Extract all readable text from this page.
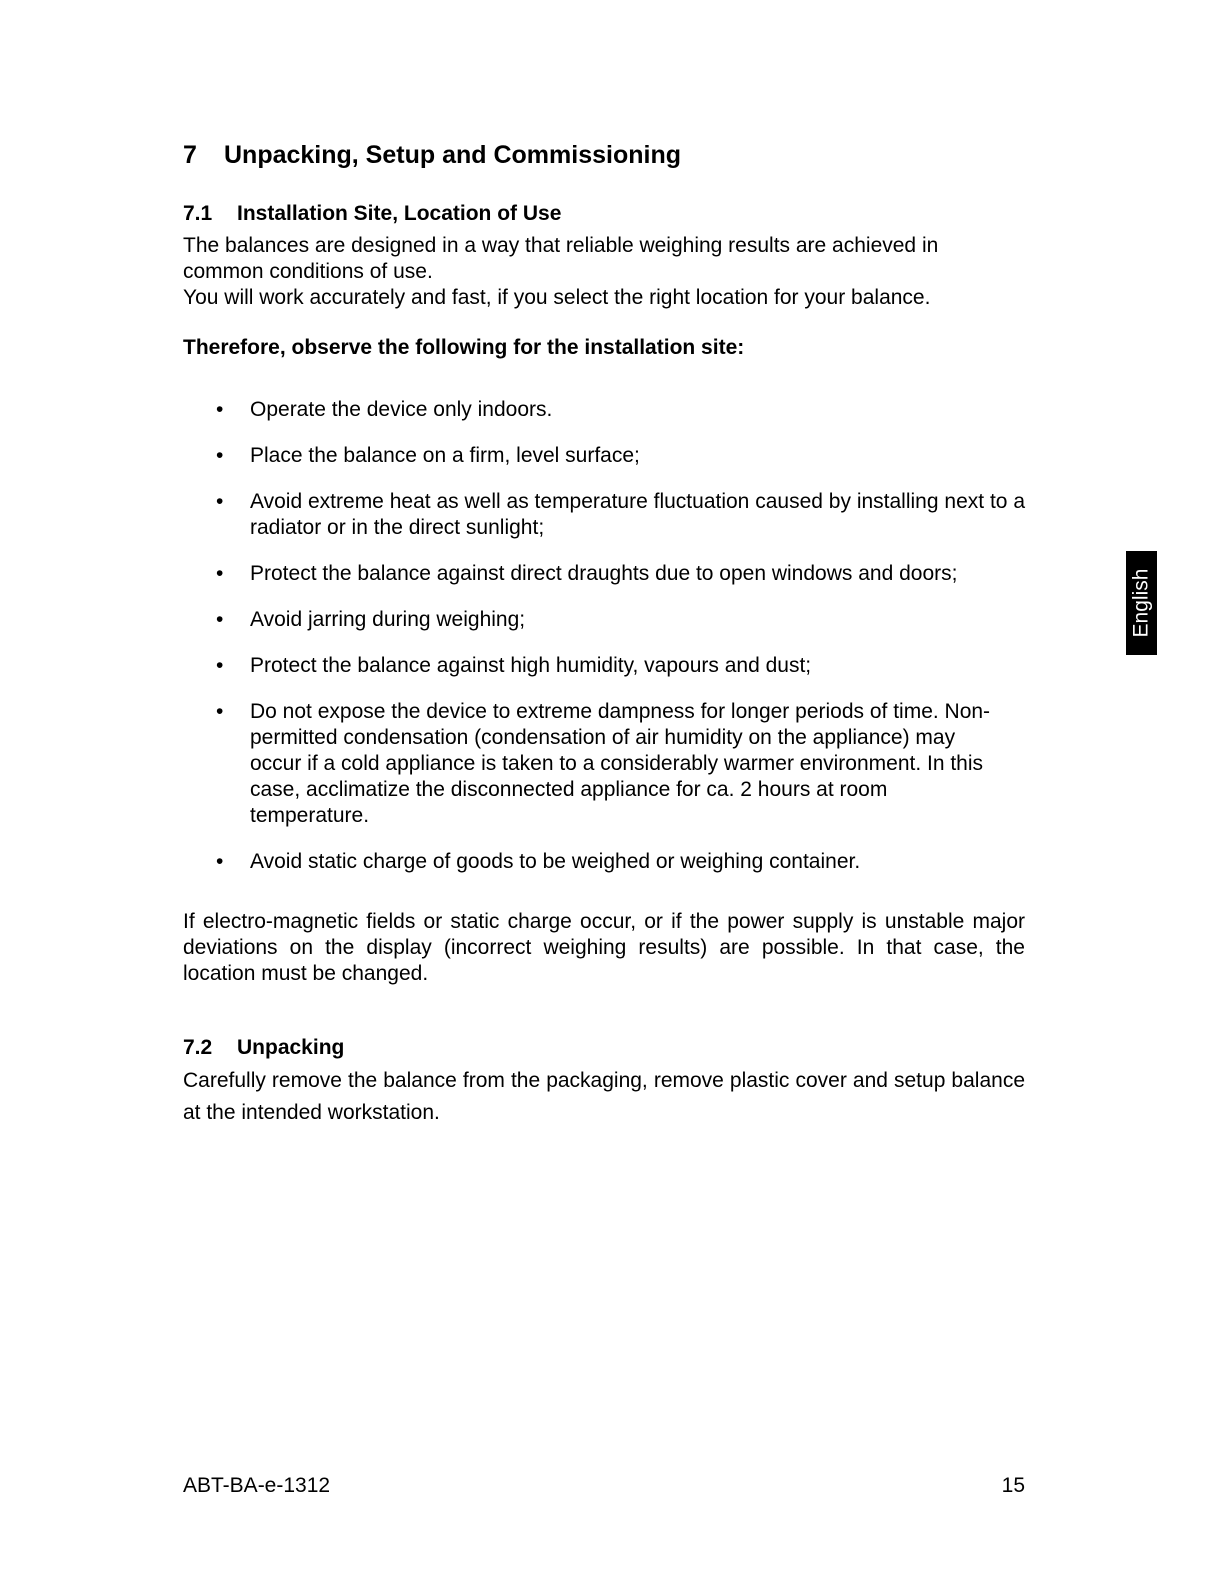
7 Unpacking, Setup and Commissioning
7.1 Installation Site, Location of Use
The balances are designed in a way that reliable weighing results are achieved in common conditions of use.
You will work accurately and fast, if you select the right location for your balance.
Therefore, observe the following for the installation site:
• Operate the device only indoors.
• Place the balance on a firm, level surface;
• Avoid extreme heat as well as temperature fluctuation caused by installing next to a radiator or in the direct sunlight;
• Protect the balance against direct draughts due to open windows and doors;
• Avoid jarring during weighing;
• Protect the balance against high humidity, vapours and dust;
• Do not expose the device to extreme dampness for longer periods of time. Non-permitted condensation (condensation of air humidity on the appliance) may occur if a cold appliance is taken to a considerably warmer environment. In this case, acclimatize the disconnected appliance for ca. 2 hours at room temperature.
• Avoid static charge of goods to be weighed or weighing container.
If electro-magnetic fields or static charge occur, or if the power supply is unstable major deviations on the display (incorrect weighing results) are possible. In that case, the location must be changed.
7.2 Unpacking
Carefully remove the balance from the packaging, remove plastic cover and setup balance at the intended workstation.
English
ABT-BA-e-1312	15
